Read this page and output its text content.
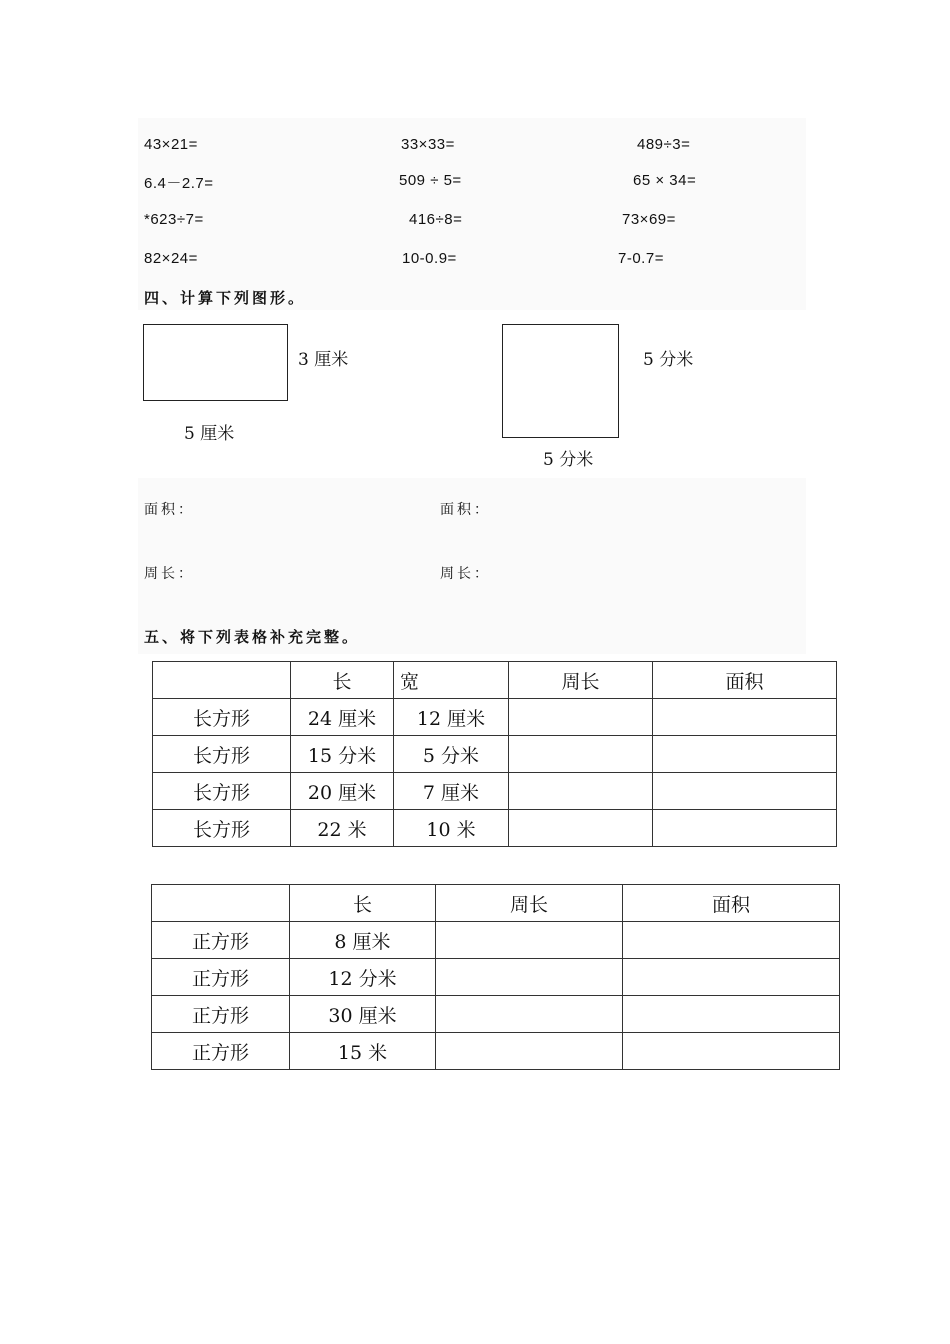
43×21=	33×33=	489÷3=
6.4－2.7=	509 ÷ 5=	65 × 34=
*623÷7=	416÷8=	73×69=
82×24=	10-0.9=	7-0.7=
四、计算下列图形。
3 厘米
5 厘米
5 分米
5 分米
面积：	面积：
周长：	周长：
五、将下列表格补充完整。
	长	宽	周长	面积
长方形	24 厘米	12 厘米		
长方形	15 分米	5 分米		
长方形	20 厘米	7 厘米		
长方形	22 米	10 米		
	长	周长	面积
正方形	8 厘米		
正方形	12 分米		
正方形	30 厘米		
正方形	15 米		
